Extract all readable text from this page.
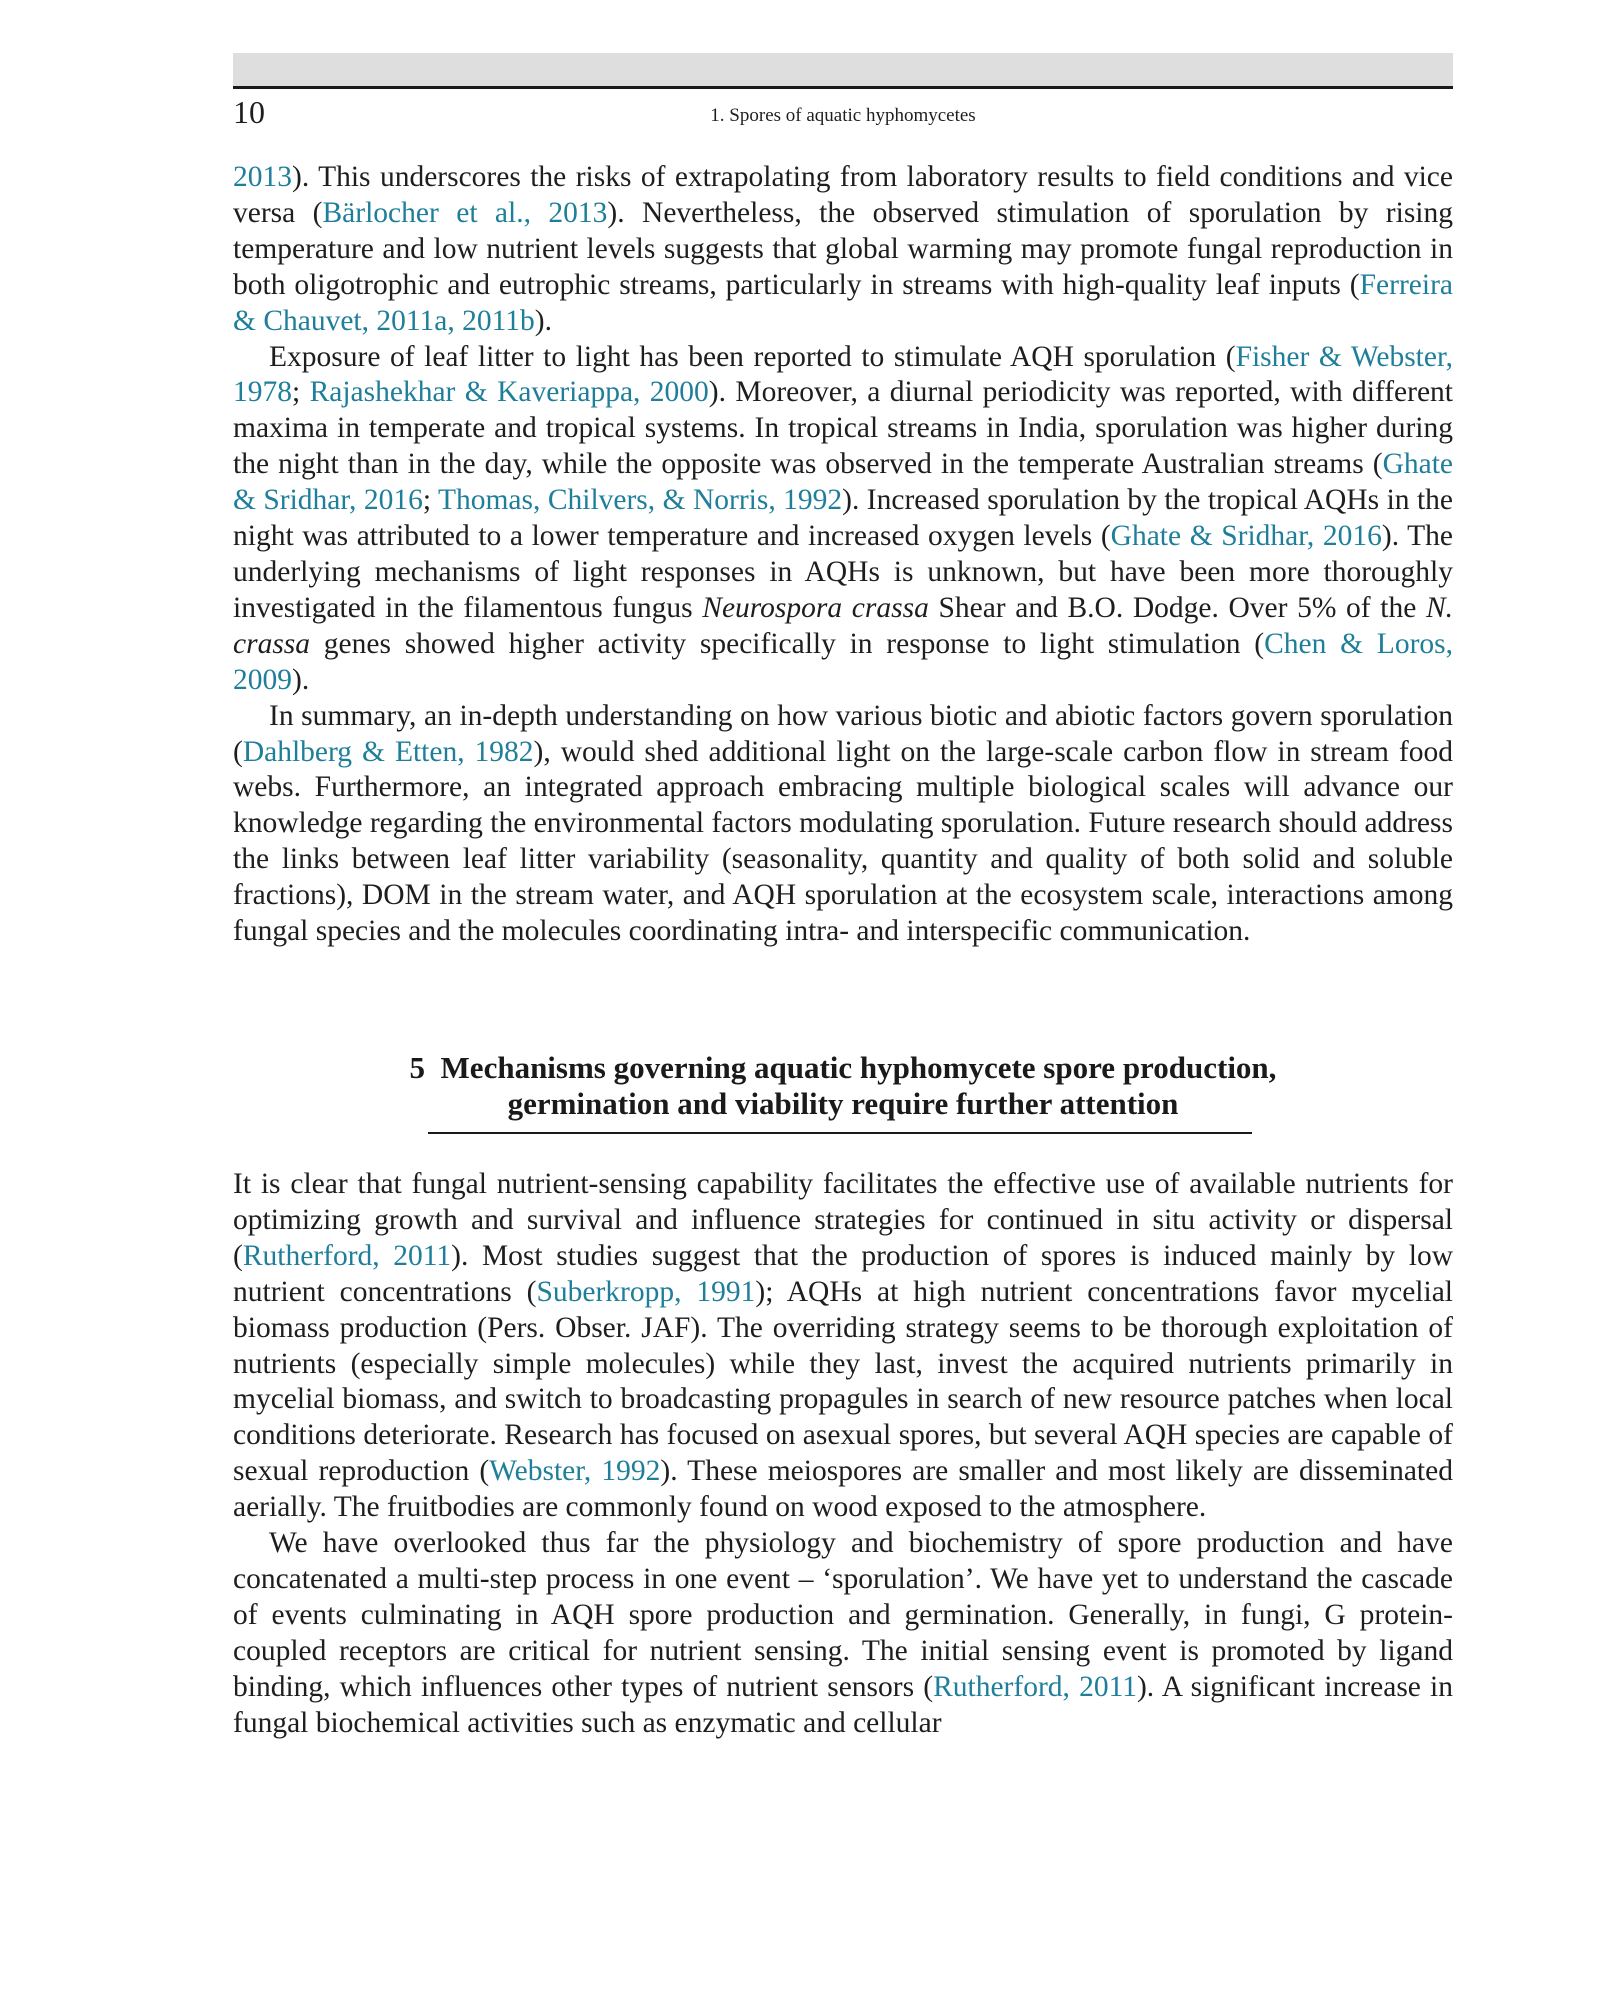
10	1. Spores of aquatic hyphomycetes

2013). This underscores the risks of extrapolating from laboratory results to field conditions and vice versa (Bärlocher et al., 2013). Nevertheless, the observed stimulation of sporulation by rising temperature and low nutrient levels suggests that global warming may promote fungal reproduction in both oligotrophic and eutrophic streams, particularly in streams with high-quality leaf inputs (Ferreira & Chauvet, 2011a, 2011b).

Exposure of leaf litter to light has been reported to stimulate AQH sporulation (Fisher & Webster, 1978; Rajashekhar & Kaveriappa, 2000). Moreover, a diurnal periodicity was reported, with different maxima in temperate and tropical systems. In tropical streams in India, sporulation was higher during the night than in the day, while the opposite was observed in the temperate Australian streams (Ghate & Sridhar, 2016; Thomas, Chilvers, & Norris, 1992). Increased sporulation by the tropical AQHs in the night was attributed to a lower temperature and increased oxygen levels (Ghate & Sridhar, 2016). The underlying mechanisms of light responses in AQHs is unknown, but have been more thoroughly investigated in the filamentous fungus Neurospora crassa Shear and B.O. Dodge. Over 5% of the N. crassa genes showed higher activity specifically in response to light stimulation (Chen & Loros, 2009).

In summary, an in-depth understanding on how various biotic and abiotic factors govern sporulation (Dahlberg & Etten, 1982), would shed additional light on the large-scale carbon flow in stream food webs. Furthermore, an integrated approach embracing multiple biological scales will advance our knowledge regarding the environmental factors modulating sporulation. Future research should address the links between leaf litter variability (seasonality, quantity and quality of both solid and soluble fractions), DOM in the stream water, and AQH sporulation at the ecosystem scale, interactions among fungal species and the molecules coordinating intra- and interspecific communication.

5 Mechanisms governing aquatic hyphomycete spore production,
germination and viability require further attention

It is clear that fungal nutrient-sensing capability facilitates the effective use of available nutrients for optimizing growth and survival and influence strategies for continued in situ activity or dispersal (Rutherford, 2011). Most studies suggest that the production of spores is induced mainly by low nutrient concentrations (Suberkropp, 1991); AQHs at high nutrient concentrations favor mycelial biomass production (Pers. Obser. JAF). The overriding strategy seems to be thorough exploitation of nutrients (especially simple molecules) while they last, invest the acquired nutrients primarily in mycelial biomass, and switch to broadcasting propagules in search of new resource patches when local conditions deteriorate. Research has focused on asexual spores, but several AQH species are capable of sexual reproduction (Webster, 1992). These meiospores are smaller and most likely are disseminated aerially. The fruitbodies are commonly found on wood exposed to the atmosphere.

We have overlooked thus far the physiology and biochemistry of spore production and have concatenated a multi-step process in one event – ‘sporulation’. We have yet to understand the cascade of events culminating in AQH spore production and germination. Generally, in fungi, G protein-coupled receptors are critical for nutrient sensing. The initial sensing event is promoted by ligand binding, which influences other types of nutrient sensors (Rutherford, 2011). A significant increase in fungal biochemical activities such as enzymatic and cellular
